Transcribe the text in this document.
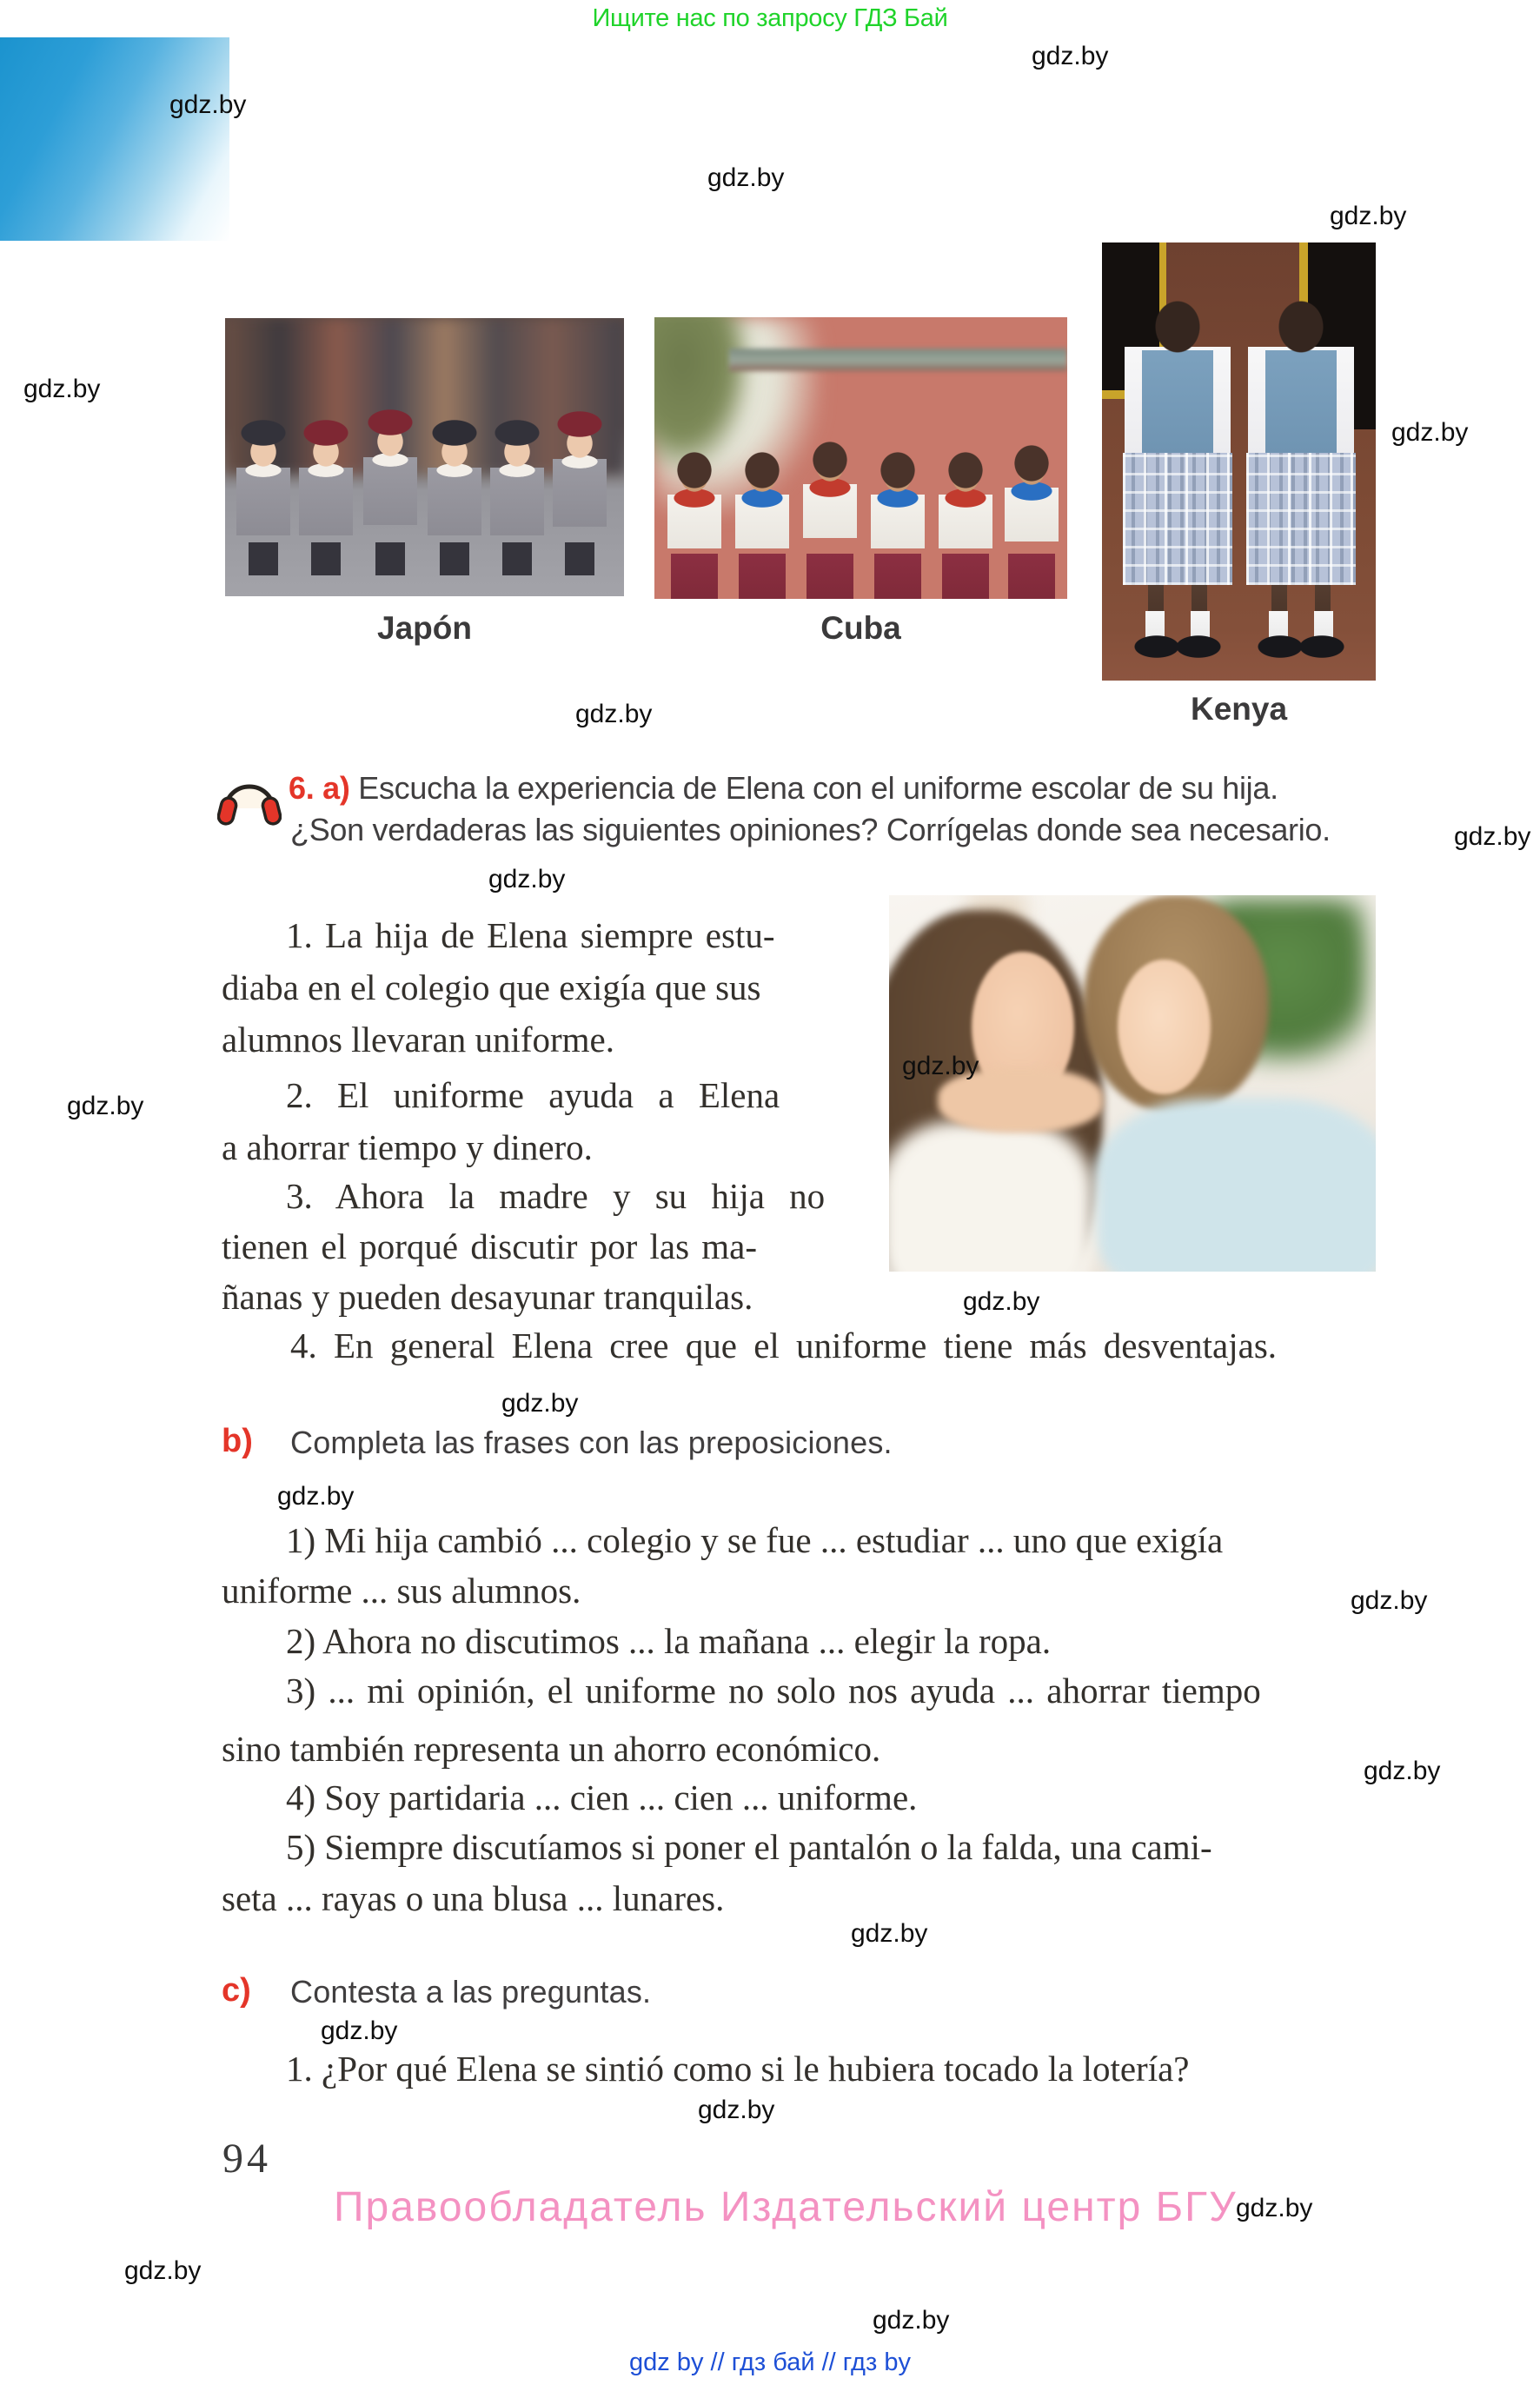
Ищите нас по запросу ГДЗ Бай
Japón	Cuba
Kenya
6. a) Escucha la experiencia de Elena con el uniforme escolar de su hija.
¿Son verdaderas las siguientes opiniones? Corrígelas donde sea necesario.
1. La hija de Elena siempre estu-
diaba en el colegio que exigía que sus
alumnos llevaran uniforme.
2. El uniforme ayuda a Elena
a ahorrar tiempo y dinero.
3. Ahora la madre y su hija no
tienen el porqué discutir por las ma-
ñanas y pueden desayunar tranquilas.
4. En general Elena cree que el uniforme tiene más desventajas.
b) Completa las frases con las preposiciones.
1) Mi hija cambió ... colegio y se fue ... estudiar ... uno que exigía
uniforme ... sus alumnos.
2) Ahora no discutimos ... la mañana ... elegir la ropa.
3) ... mi opinión, el uniforme no solo nos ayuda ... ahorrar tiempo
sino también representa un ahorro económico.
4) Soy partidaria ... cien ... cien ... uniforme.
5) Siempre discutíamos si poner el pantalón o la falda, una cami-
seta ... rayas o una blusa ... lunares.
c) Contesta a las preguntas.
1. ¿Por qué Elena se sintió como si le hubiera tocado la lotería?
94
Правообладатель Издательский центр БГУ
gdz by // гдз бай // гдз by
gdz.by
gdz.by
gdz.by
gdz.by
gdz.by
gdz.by
gdz.by
gdz.by
gdz.by
gdz.by
gdz.by
gdz.by
gdz.by
gdz.by
gdz.by
gdz.by
gdz.by
gdz.by
gdz.by
gdz.by
gdz.by
gdz.by
